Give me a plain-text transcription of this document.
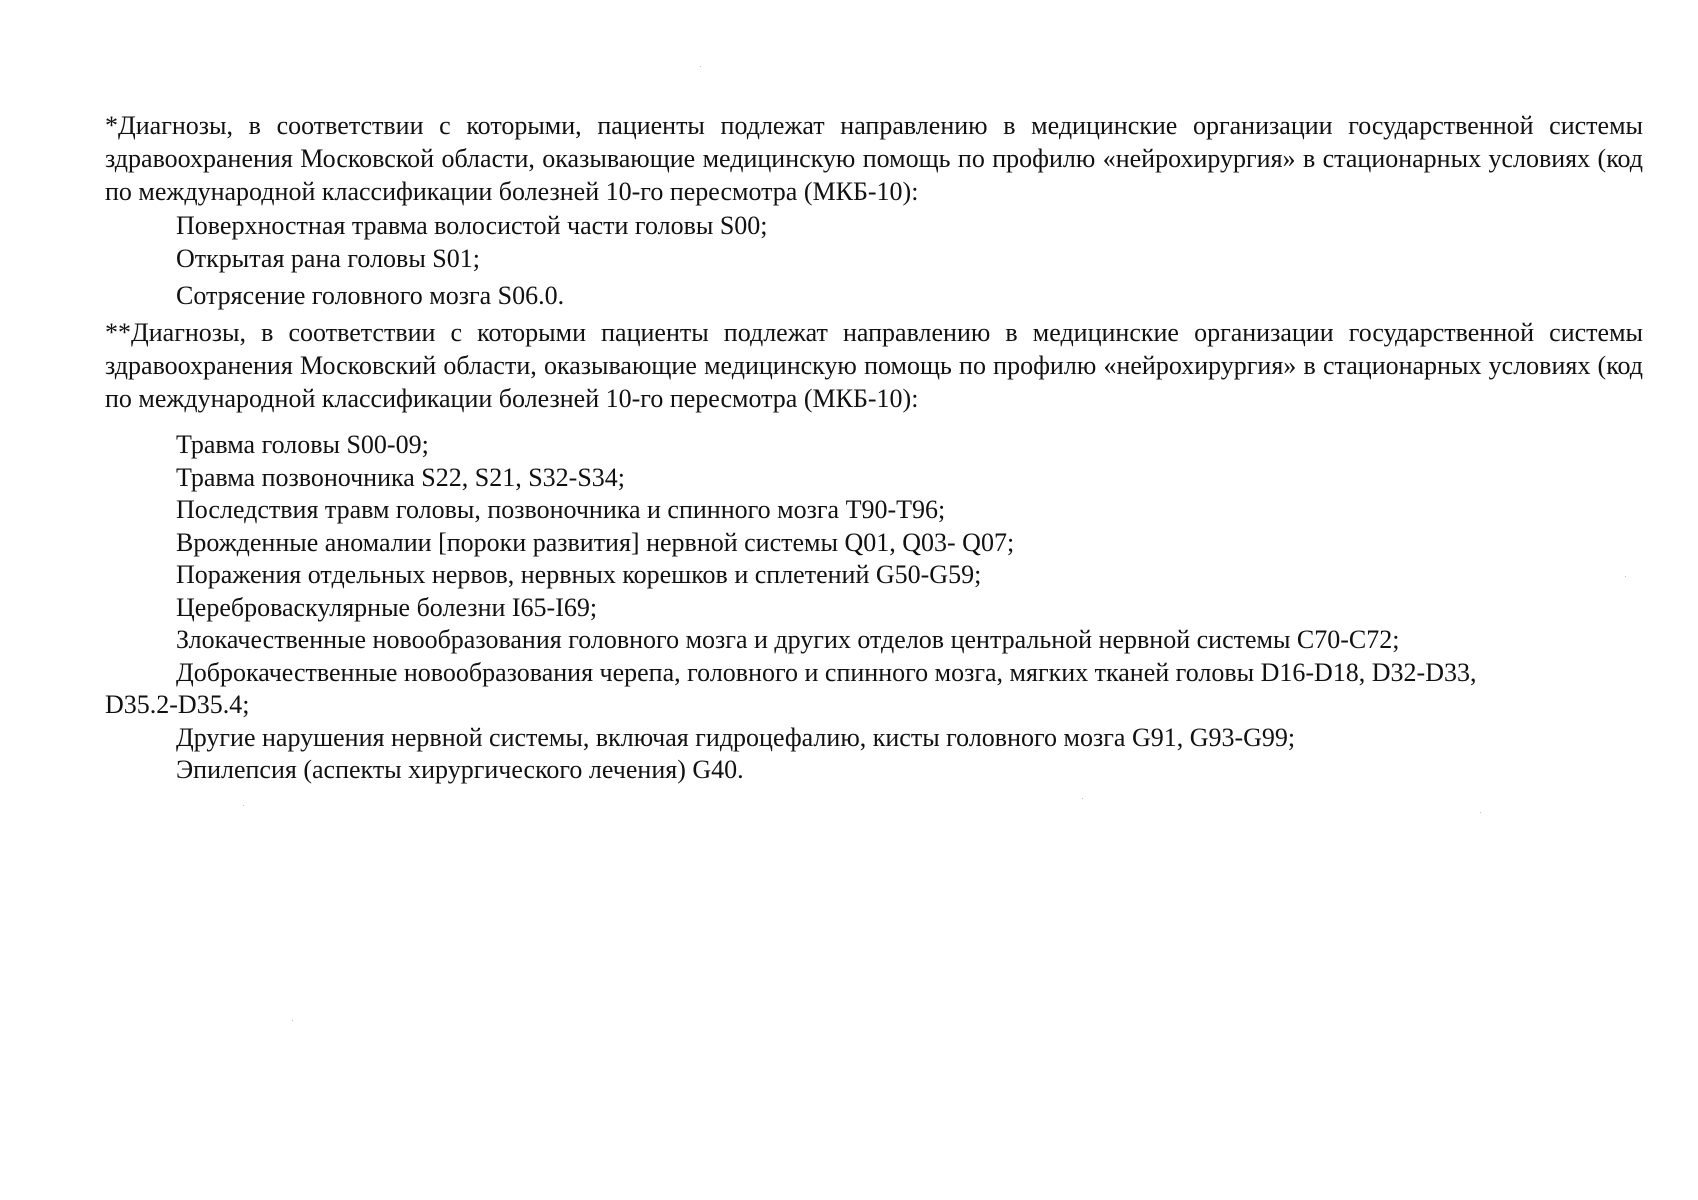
*Диагнозы, в соответствии с которыми, пациенты подлежат направлению в медицинские организации государственной системы здравоохранения Московской области, оказывающие медицинскую помощь по профилю «нейрохирургия» в стационарных условиях (код по международной классификации болезней 10-го пересмотра (МКБ-10):

Поверхностная травма волосистой части головы S00;

Открытая рана головы S01;

Сотрясение головного мозга S06.0.

**Диагнозы, в соответствии с которыми пациенты подлежат направлению в медицинские организации государственной системы здравоохранения Московский области, оказывающие медицинскую помощь по профилю «нейрохирургия» в стационарных условиях (код по международной классификации болезней 10-го пересмотра (МКБ-10):

Травма головы S00-09;

Травма позвоночника S22, S21, S32-S34;

Последствия травм головы, позвоночника и спинного мозга T90-T96;

Врожденные аномалии [пороки развития] нервной системы Q01, Q03- Q07;

Поражения отдельных нервов, нервных корешков и сплетений G50-G59;

Цереброваскулярные болезни I65-I69;

Злокачественные новообразования головного мозга и других отделов центральной нервной системы C70-C72;

Доброкачественные новообразования черепа, головного и спинного мозга, мягких тканей головы D16-D18, D32-D33,

D35.2-D35.4;

Другие нарушения нервной системы, включая гидроцефалию, кисты головного мозга G91, G93-G99;

Эпилепсия (аспекты хирургического лечения) G40.
